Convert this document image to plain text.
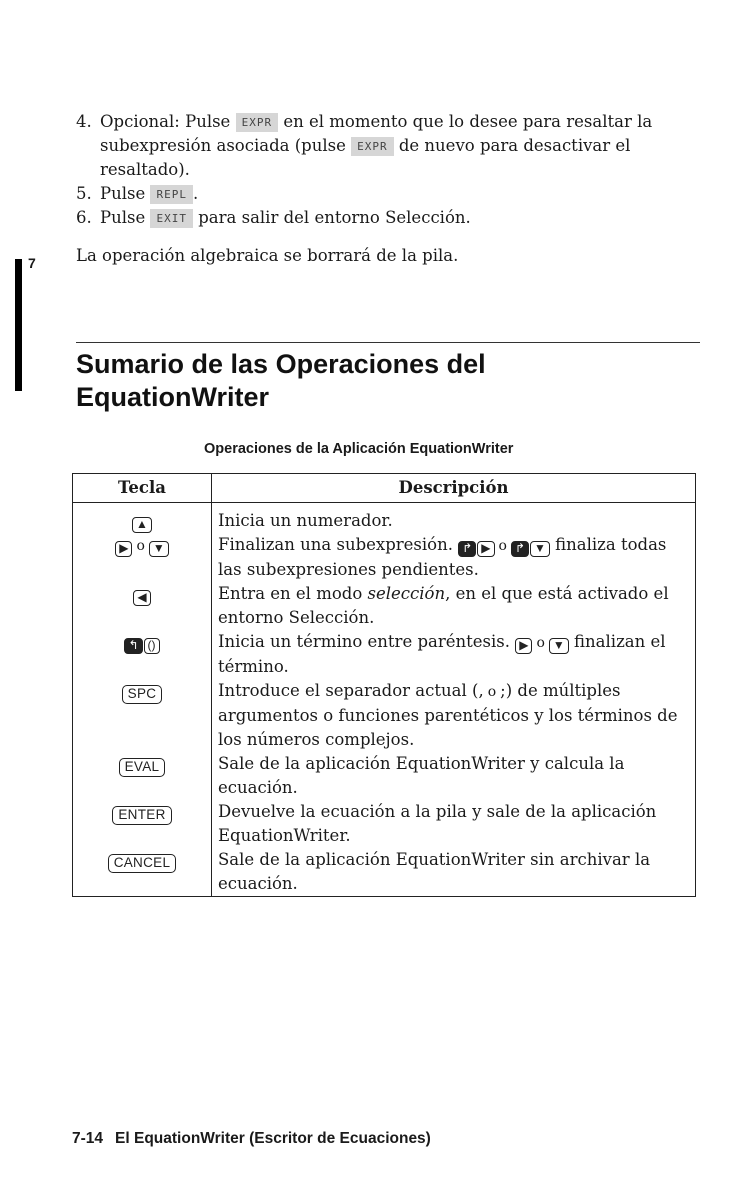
4. Opcional: Pulse EXPR en el momento que lo desee para resaltar la subexpresión asociada (pulse EXPR de nuevo para desactivar el resaltado).
5. Pulse REPL .
6. Pulse EXIT para salir del entorno Selección.
La operación algebraica se borrará de la pila.
7
Sumario de las Operaciones del EquationWriter
Operaciones de la Aplicación EquationWriter
Tecla	Descripción
▲	Inicia un numerador.
▶ o ▼	Finalizan una subexpresión. ↱ ▶ o ↱ ▼ finaliza todas las subexpresiones pendientes.
◀	Entra en el modo selección, en el que está activado el entorno Selección.
↰ ()	Inicia un término entre paréntesis. ▶ o ▼ finalizan el término.
SPC	Introduce el separador actual (, o ;) de múltiples argumentos o funciones parentéticos y los términos de los números complejos.
EVAL	Sale de la aplicación EquationWriter y calcula la ecuación.
ENTER	Devuelve la ecuación a la pila y sale de la aplicación EquationWriter.
CANCEL	Sale de la aplicación EquationWriter sin archivar la ecuación.
7-14 El EquationWriter (Escritor de Ecuaciones)
